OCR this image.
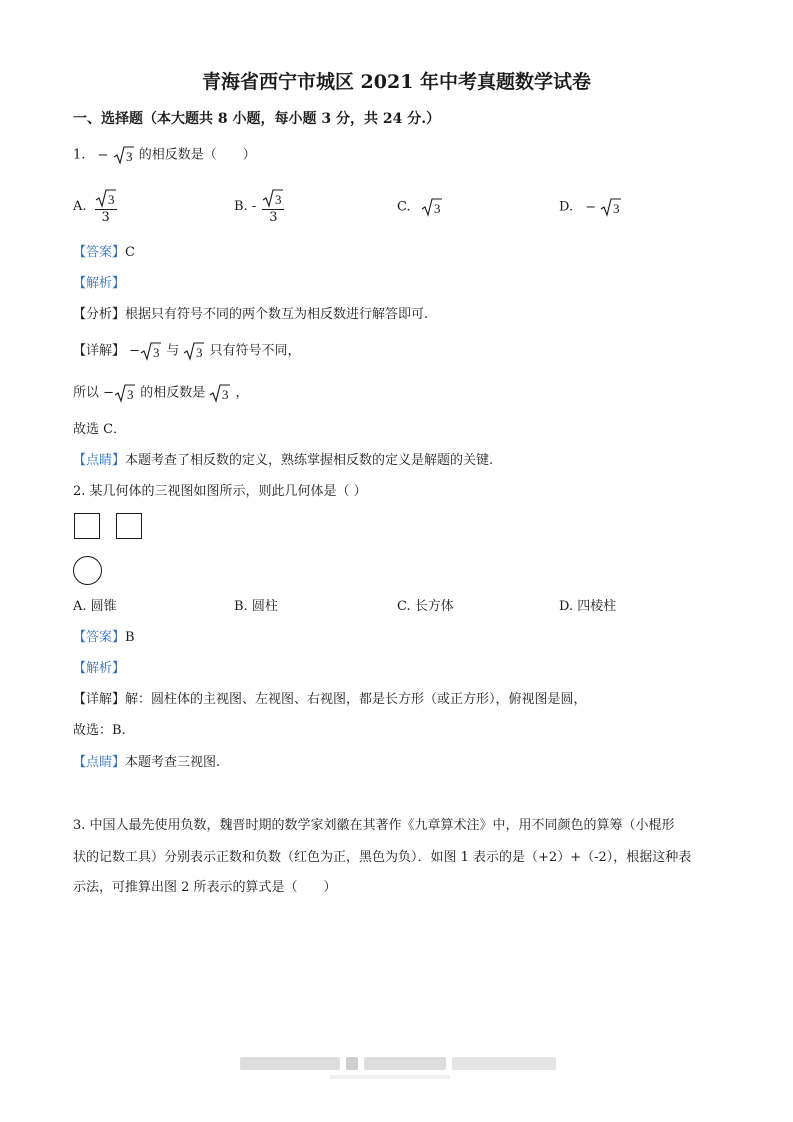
青海省西宁市城区 2021 年中考真题数学试卷
一、选择题（本大题共 8 小题，每小题 3 分，共 24 分.）
1. − 3 的相反数是（　　）
A. $\frac{3}{3}$	B. - $\frac{3}{3}$	C. 3	D. − 3
【答案】C
【解析】
【分析】根据只有符号不同的两个数互为相反数进行解答即可.
【详解】 − 3 与 3 只有符号不同，
所以 − 3 的相反数是 3 ，
故选 C．
【点睛】本题考查了相反数的定义，熟练掌握相反数的定义是解题的关键.
2. 某几何体的三视图如图所示，则此几何体是（ ）
A. 圆锥	B. 圆柱	C. 长方体	D. 四棱柱
【答案】B
【解析】
【详解】解：圆柱体的主视图、左视图、右视图，都是长方形（或正方形），俯视图是圆，
故选：B.
【点睛】本题考查三视图.
3. 中国人最先使用负数，魏晋时期的数学家刘徽在其著作《九章算术注》中，用不同颜色的算筹（小棍形
状的记数工具）分别表示正数和负数（红色为正，黑色为负）．如图 1 表示的是（+2）+（-2），根据这种表
示法，可推算出图 2 所表示的算式是（　　）
